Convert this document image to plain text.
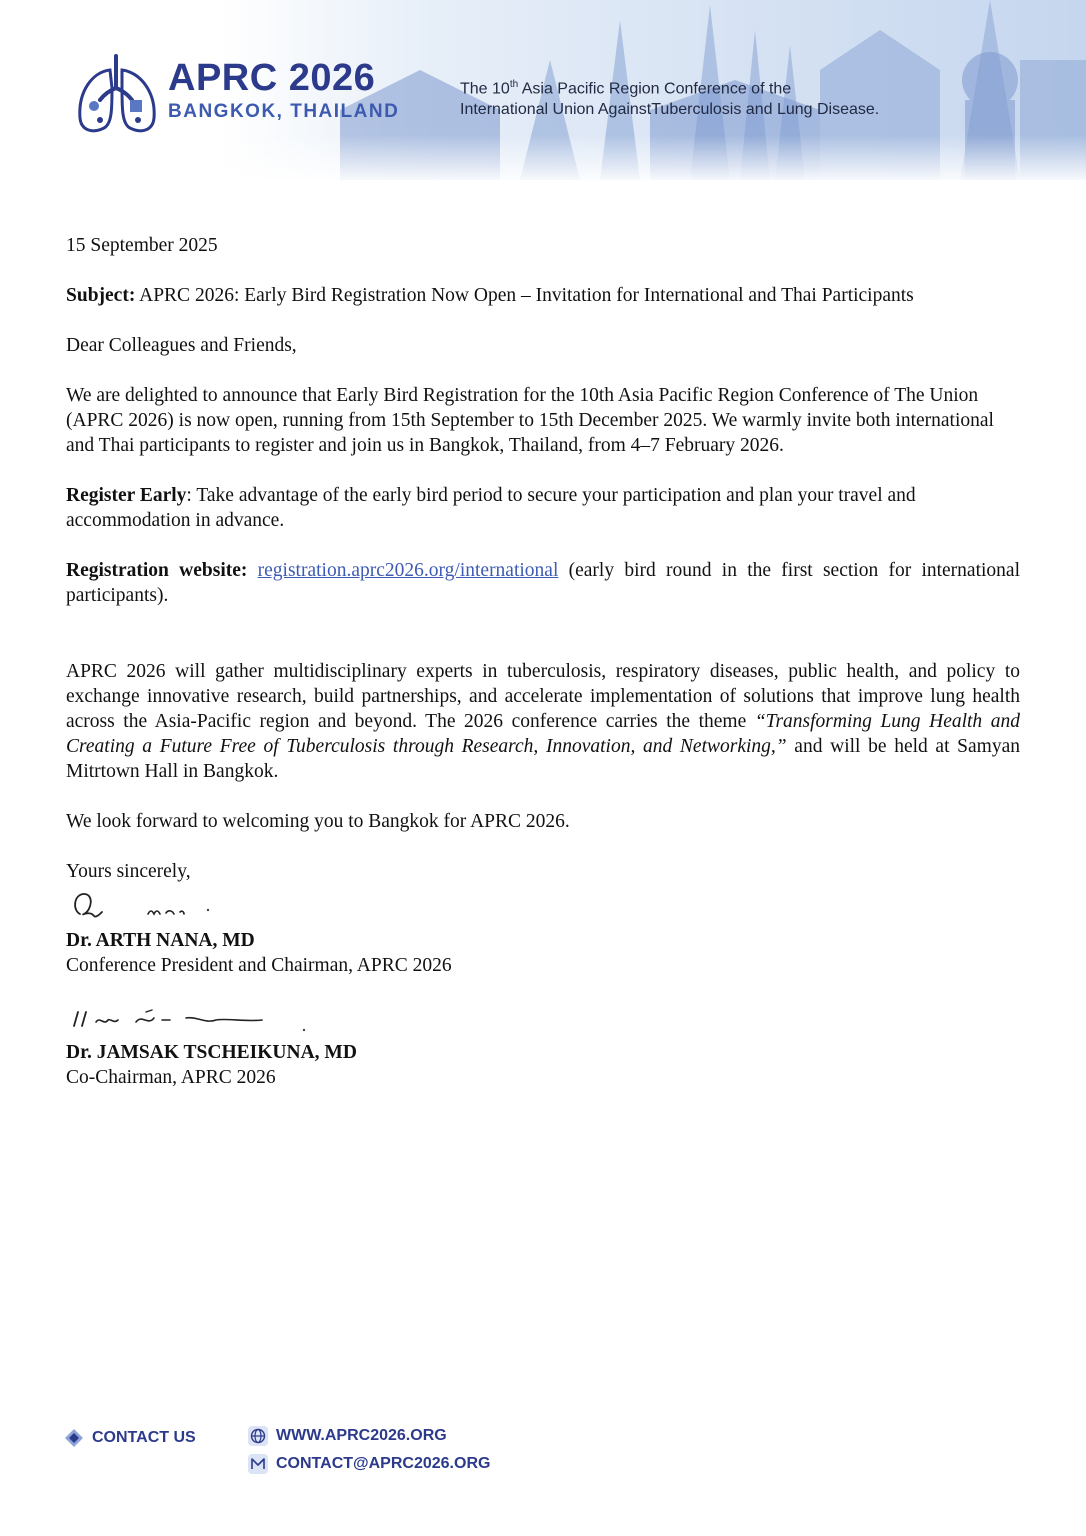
APRC 2026
BANGKOK, THAILAND
The 10th Asia Pacific Region Conference of the
International Union AgainstTuberculosis and Lung Disease.
15 September 2025
Subject: APRC 2026: Early Bird Registration Now Open – Invitation for International and Thai Participants
Dear Colleagues and Friends,
We are delighted to announce that Early Bird Registration for the 10th Asia Pacific Region Conference of The Union (APRC 2026) is now open, running from 15th September to 15th December 2025. We warmly invite both international and Thai participants to register and join us in Bangkok, Thailand, from 4–7 February 2026.
Register Early: Take advantage of the early bird period to secure your participation and plan your travel and accommodation in advance.
Registration website: registration.aprc2026.org/international (early bird round in the first section for international participants).
APRC 2026 will gather multidisciplinary experts in tuberculosis, respiratory diseases, public health, and policy to exchange innovative research, build partnerships, and accelerate implementation of solutions that improve lung health across the Asia-Pacific region and beyond. The 2026 conference carries the theme “Transforming Lung Health and Creating a Future Free of Tuberculosis through Research, Innovation, and Networking,” and will be held at Samyan Mitrtown Hall in Bangkok.
We look forward to welcoming you to Bangkok for APRC 2026.
Yours sincerely,
Dr. ARTH NANA, MD
Conference President and Chairman, APRC 2026
Dr. JAMSAK TSCHEIKUNA, MD
Co-Chairman, APRC 2026
CONTACT US	WWW.APRC2026.ORG
CONTACT@APRC2026.ORG
